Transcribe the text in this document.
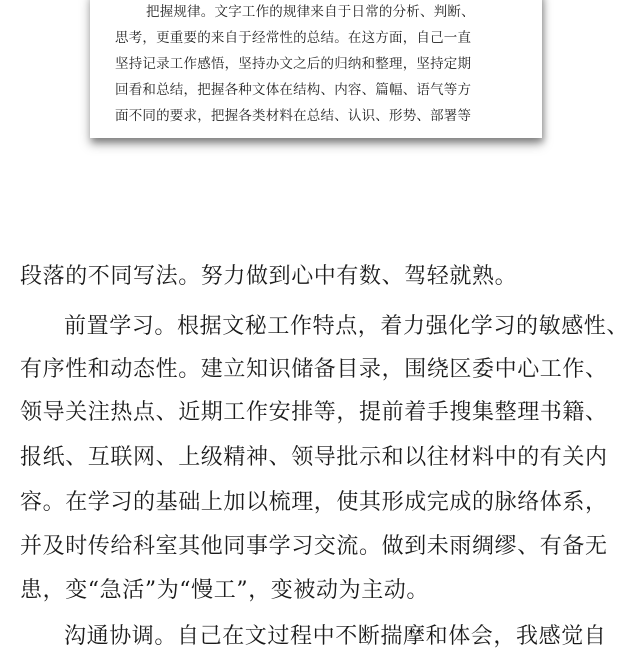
把握规律。文字工作的规律来自于日常的分析、判断、
思考，更重要的来自于经常性的总结。在这方面，自己一直
坚持记录工作感悟，坚持办文之后的归纳和整理，坚持定期
回看和总结，把握各种文体在结构、内容、篇幅、语气等方
面不同的要求，把握各类材料在总结、认识、形势、部署等
段落的不同写法。努力做到心中有数、驾轻就熟。
前置学习。根据文秘工作特点，着力强化学习的敏感性、
有序性和动态性。建立知识储备目录，围绕区委中心工作、
领导关注热点、近期工作安排等，提前着手搜集整理书籍、
报纸、互联网、上级精神、领导批示和以往材料中的有关内
容。在学习的基础上加以梳理，使其形成完成的脉络体系，
并及时传给科室其他同事学习交流。做到未雨绸缪、有备无
患，变“急活”为“慢工”，变被动为主动。
沟通协调。自己在文过程中不断揣摩和体会，我感觉自
